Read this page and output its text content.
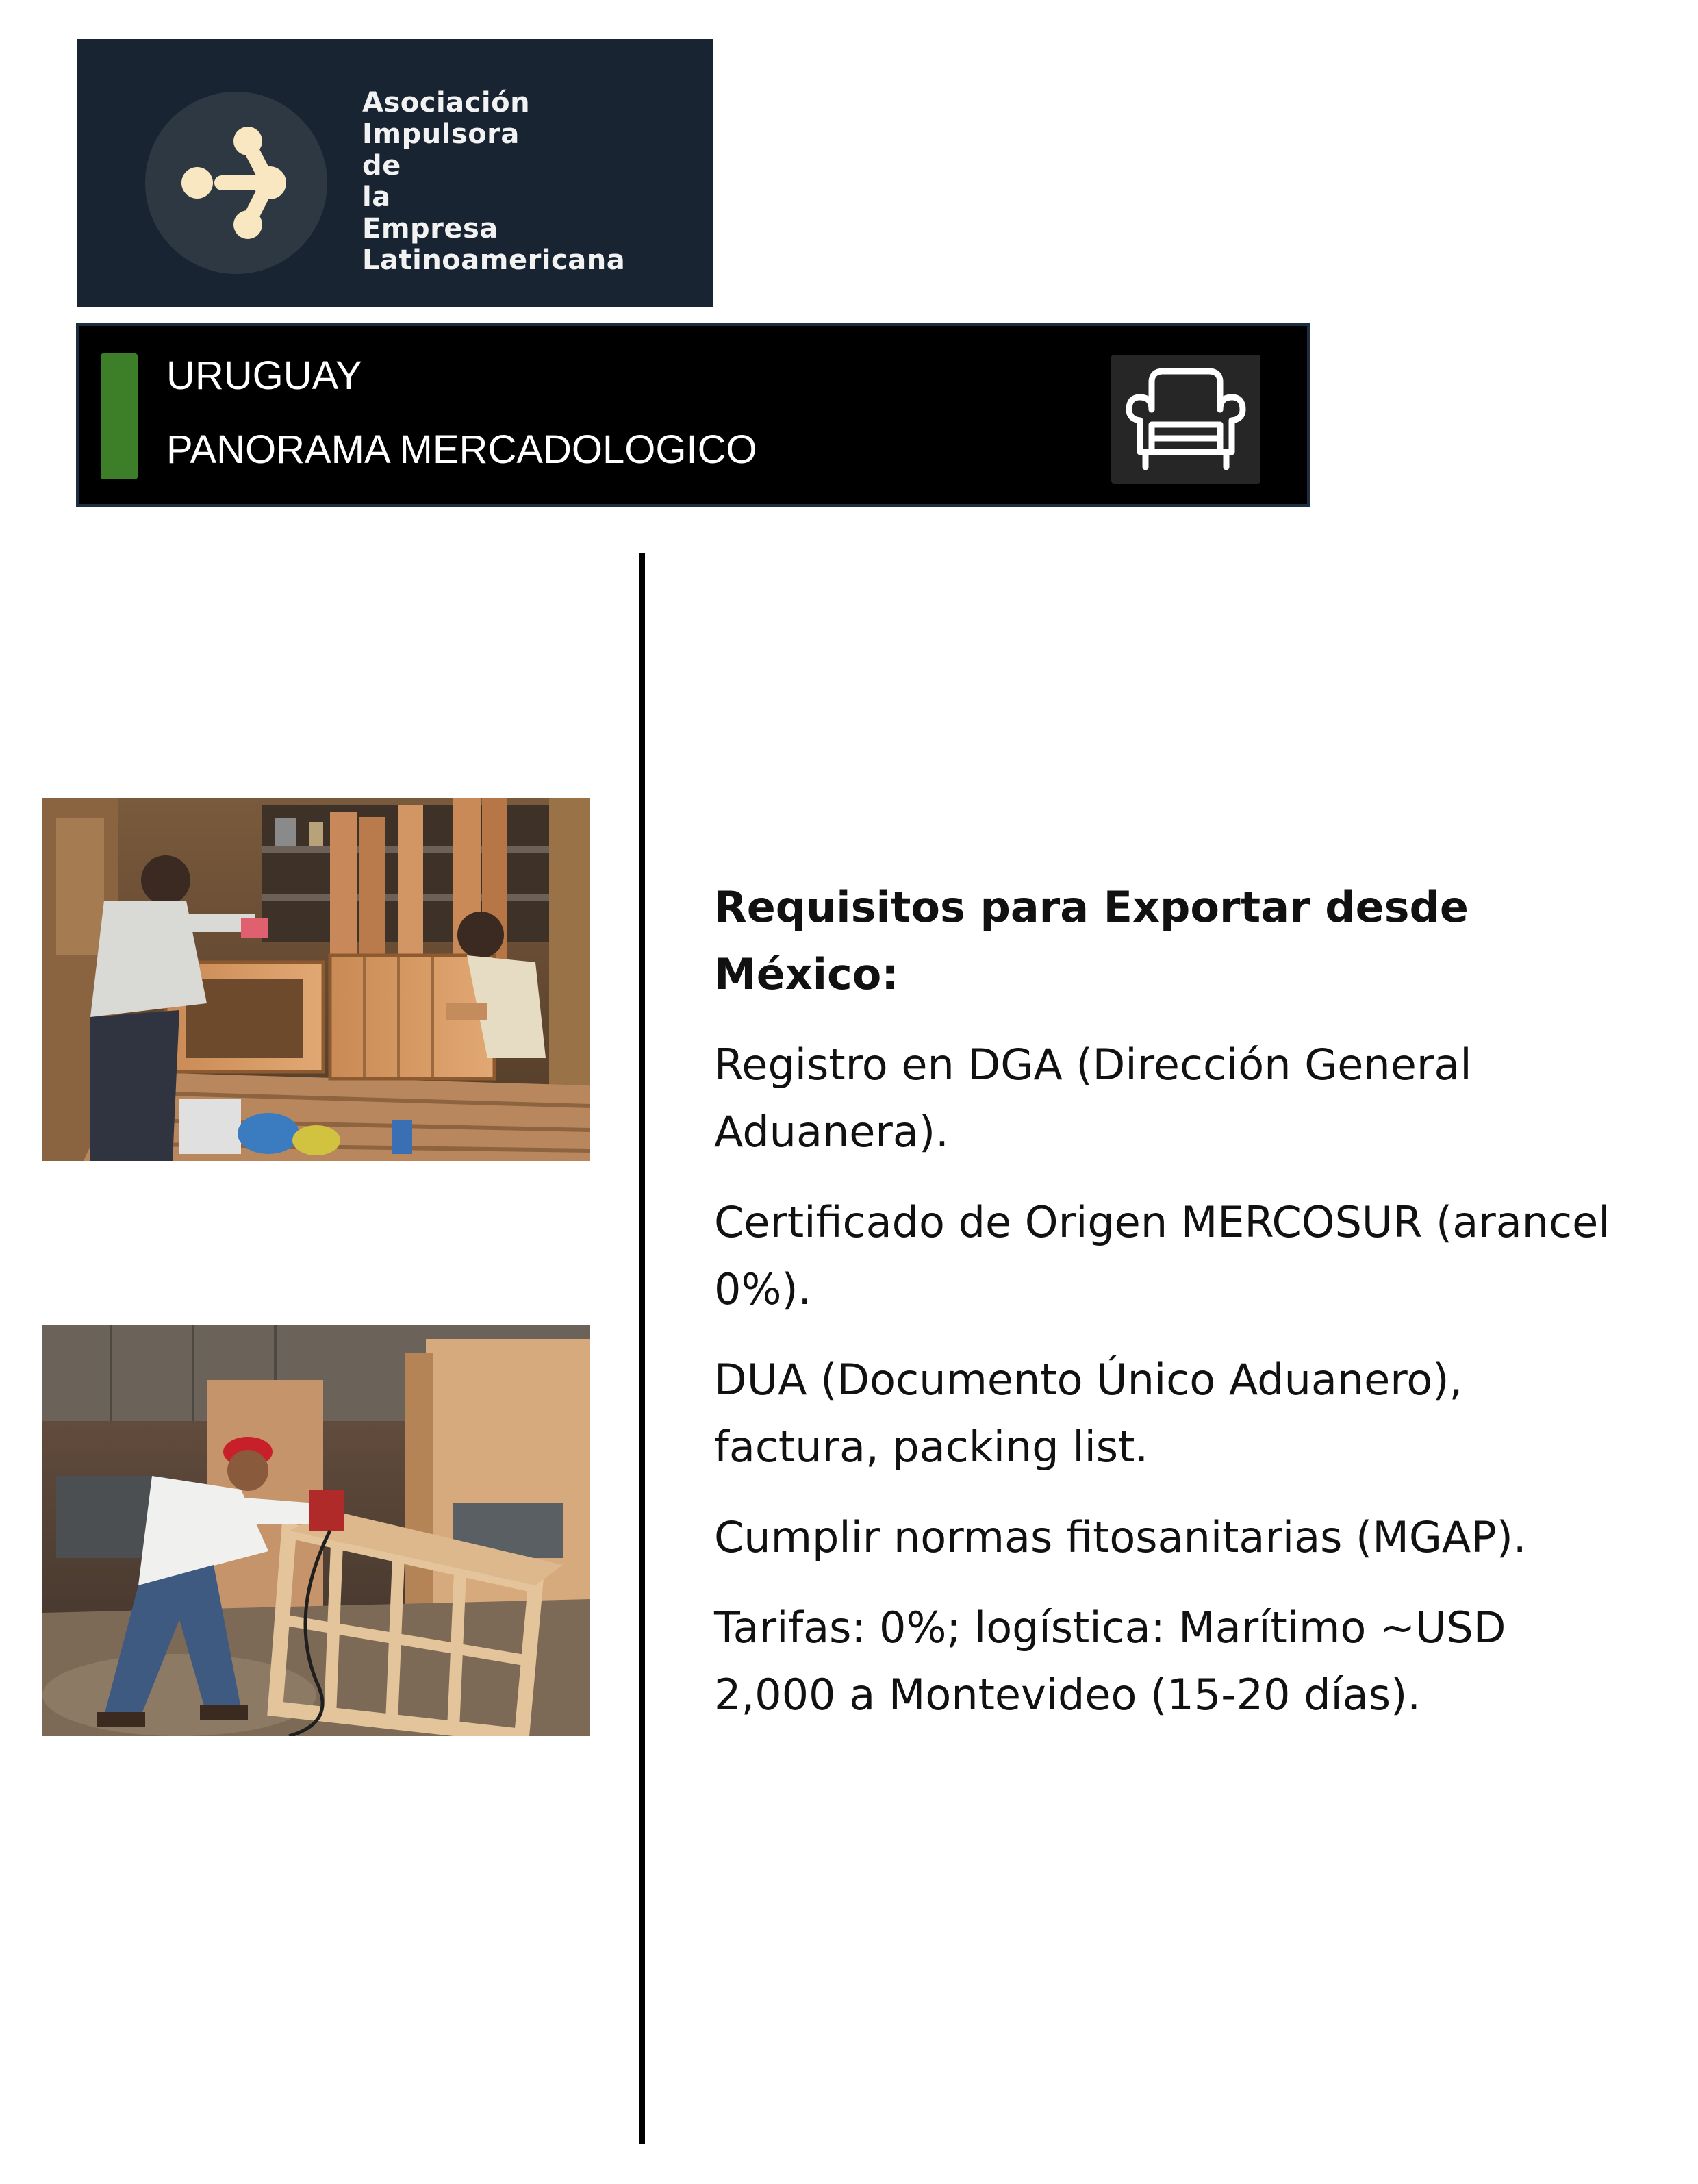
Asociación
Impulsora
de
la
Empresa
Latinoamericana
URUGUAY
PANORAMA MERCADOLOGICO
Requisitos para Exportar desde México:

Registro en DGA (Dirección General Aduanera).

Certificado de Origen MERCOSUR (arancel 0%).

DUA (Documento Único Aduanero), factura, packing list.

Cumplir normas fitosanitarias (MGAP).

Tarifas: 0%; logística: Marítimo ~USD 2,000 a Montevideo (15-20 días).
